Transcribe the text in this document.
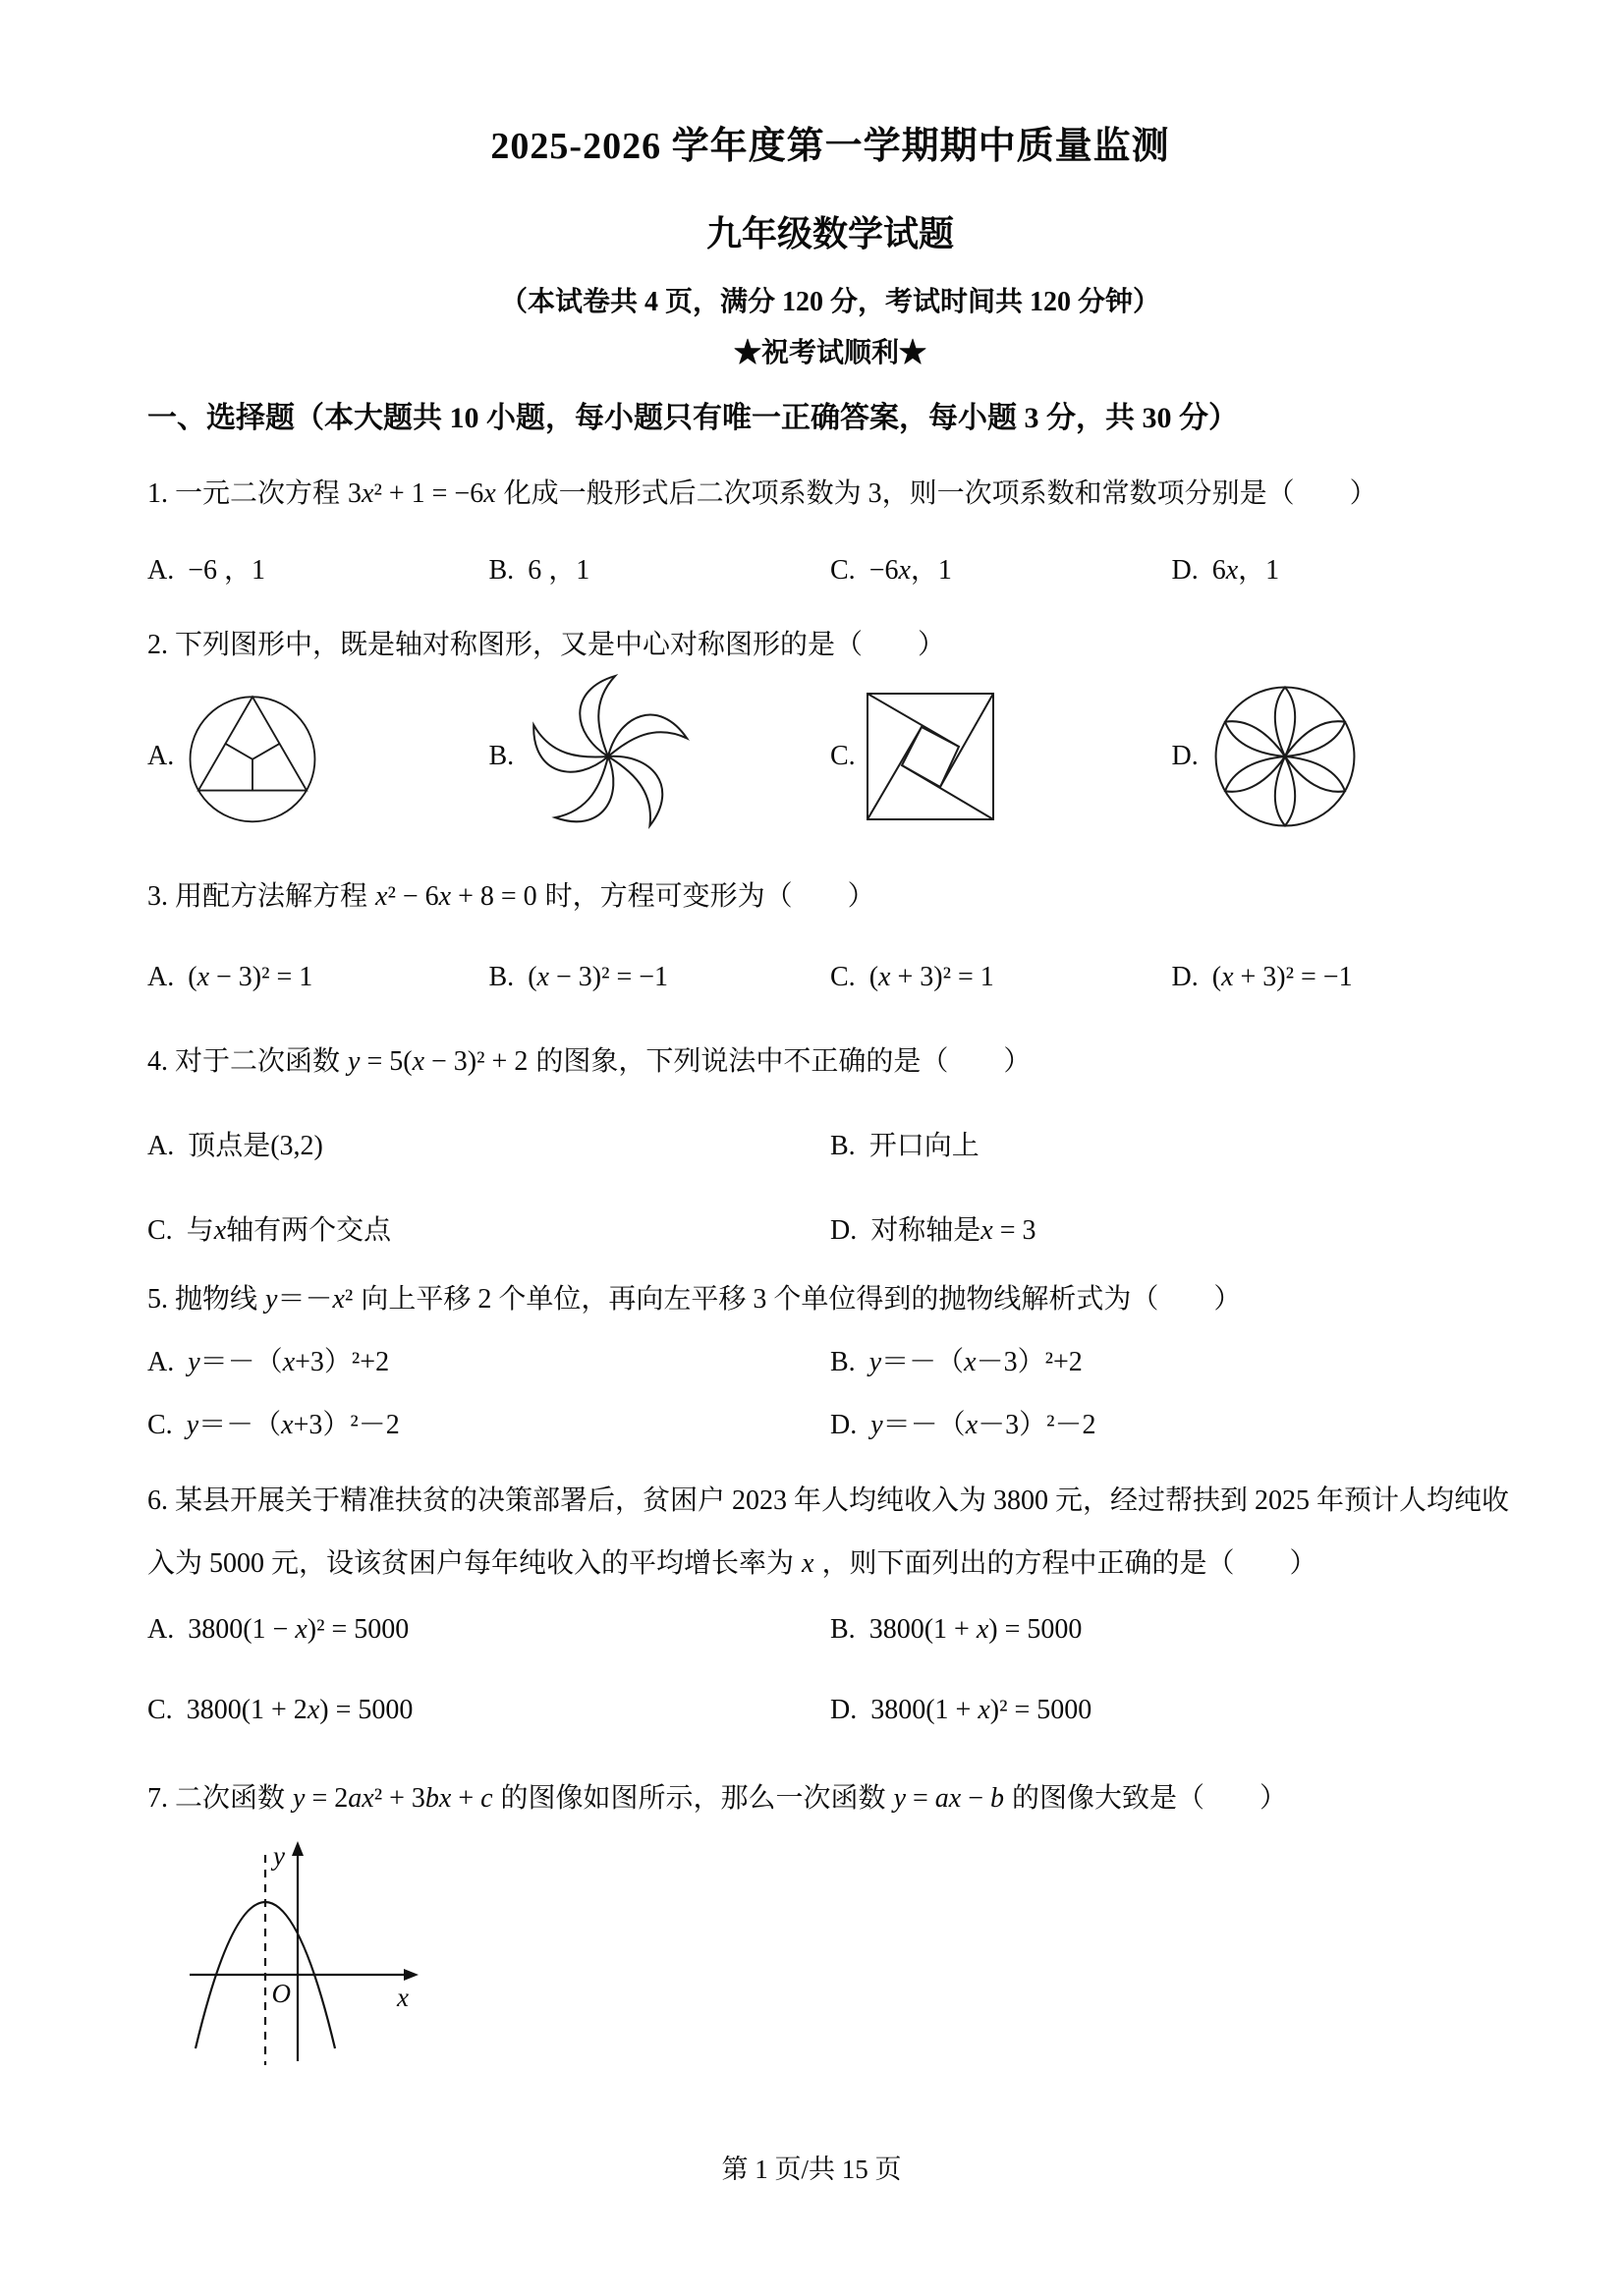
2025-2026 学年度第一学期期中质量监测
九年级数学试题
（本试卷共 4 页，满分 120 分，考试时间共 120 分钟）
★祝考试顺利★
一、选择题（本大题共 10 小题，每小题只有唯一正确答案，每小题 3 分，共 30 分）
1. 一元二次方程 3x² + 1 = −6x 化成一般形式后二次项系数为 3，则一次项系数和常数项分别是（　　）
A. −6 ，1	B. 6 ，1	C. −6x，1	D. 6x，1
2. 下列图形中，既是轴对称图形，又是中心对称图形的是（　　）
A.	B.	C.	D.
3. 用配方法解方程 x² − 6x + 8 = 0 时，方程可变形为（　　）
A. (x − 3)² = 1	B. (x − 3)² = −1	C. (x + 3)² = 1	D. (x + 3)² = −1
4. 对于二次函数 y = 5(x − 3)² + 2 的图象，下列说法中不正确的是（　　）
A. 顶点是(3,2)	B. 开口向上
C. 与x轴有两个交点	D. 对称轴是x = 3
5. 抛物线 y＝－x² 向上平移 2 个单位，再向左平移 3 个单位得到的抛物线解析式为（　　）
A. y＝－（x+3）²+2	B. y＝－（x－3）²+2
C. y＝－（x+3）²－2	D. y＝－（x－3）²－2
6. 某县开展关于精准扶贫的决策部署后，贫困户 2023 年人均纯收入为 3800 元，经过帮扶到 2025 年预计人均纯收入为 5000 元，设该贫困户每年纯收入的平均增长率为 x ，则下面列出的方程中正确的是（　　）
A. 3800(1 − x)² = 5000	B. 3800(1 + x) = 5000
C. 3800(1 + 2x) = 5000	D. 3800(1 + x)² = 5000
7. 二次函数 y = 2ax² + 3bx + c 的图像如图所示，那么一次函数 y = ax − b 的图像大致是（　　）
y
x
O
第 1 页/共 15 页
